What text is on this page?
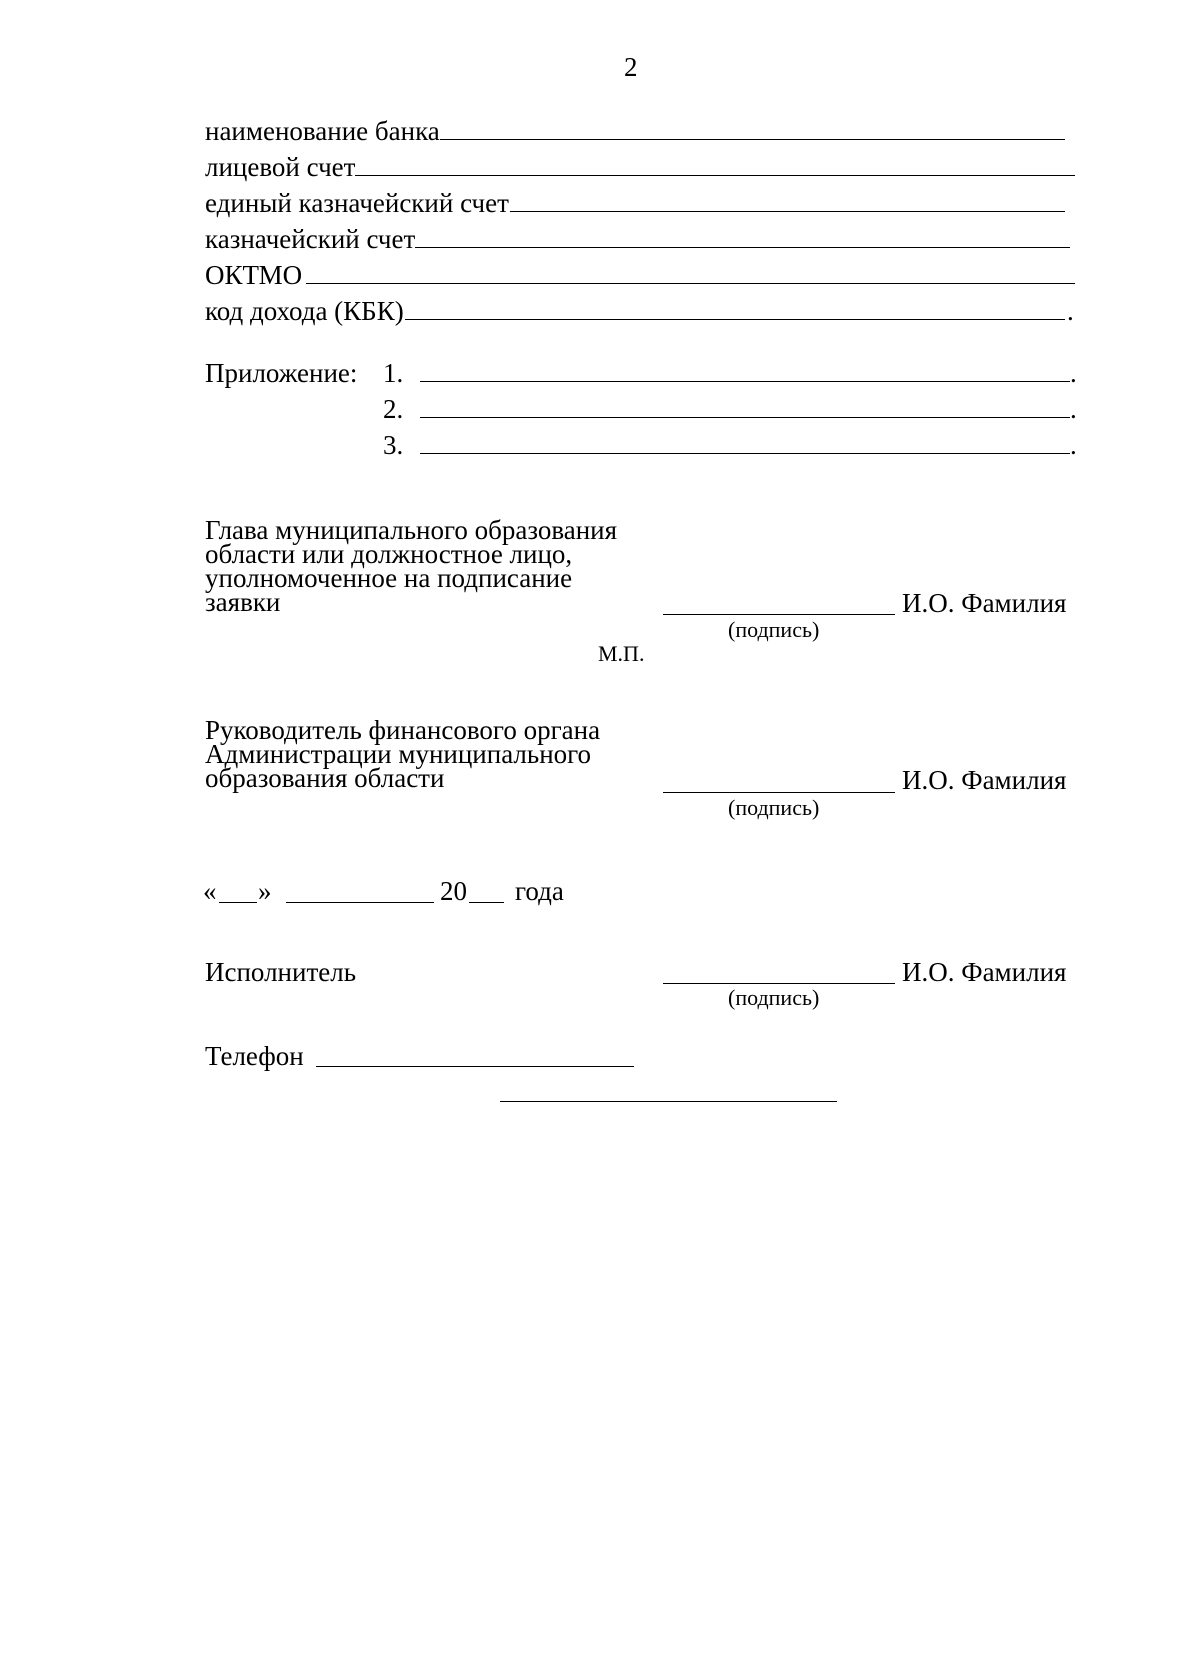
2
наименование банка
лицевой счет
единый казначейский счет
казначейский счет
ОКТМО
код дохода (КБК)	.
Приложение: 1.	.
2.	.
3.	.
Глава муниципального образования
области или должностное лицо,
уполномоченное на подписание
заявки	И.О. Фамилия
(подпись)
М.П.
Руководитель финансового органа
Администрации муниципального
образования области	И.О. Фамилия
(подпись)
« »	20 года
Исполнитель	И.О. Фамилия
(подпись)
Телефон
